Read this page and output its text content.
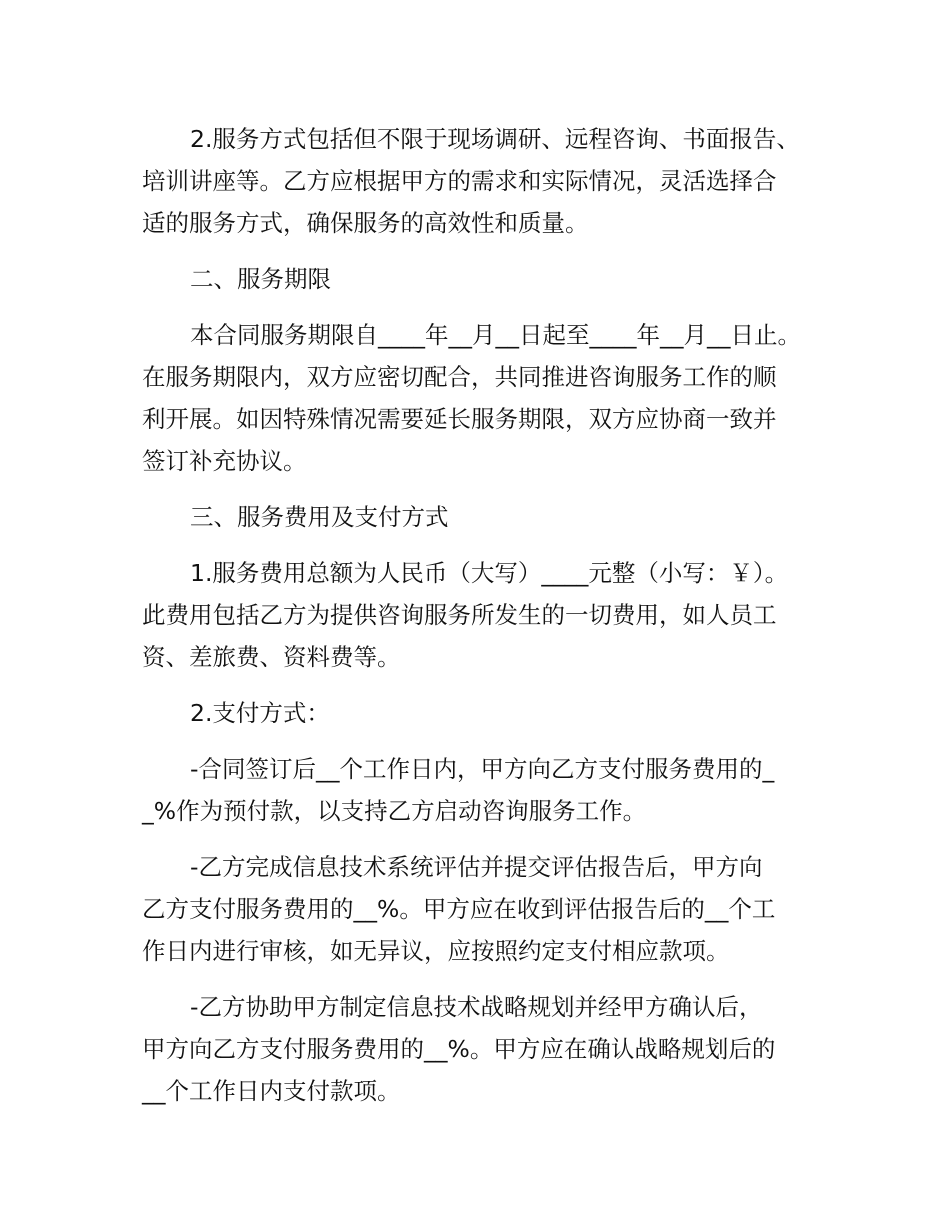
2.服务方式包括但不限于现场调研、远程咨询、书面报告、
培训讲座等。乙方应根据甲方的需求和实际情况，灵活选择合
适的服务方式，确保服务的高效性和质量。
二、服务期限
本合同服务期限自____年__月__日起至____年__月__日止。
在服务期限内，双方应密切配合，共同推进咨询服务工作的顺
利开展。如因特殊情况需要延长服务期限，双方应协商一致并
签订补充协议。
三、服务费用及支付方式
1.服务费用总额为人民币（大写）____元整（小写：￥）。
此费用包括乙方为提供咨询服务所发生的一切费用，如人员工
资、差旅费、资料费等。
2.支付方式：
-合同签订后__个工作日内，甲方向乙方支付服务费用的_
_%作为预付款，以支持乙方启动咨询服务工作。
-乙方完成信息技术系统评估并提交评估报告后，甲方向
乙方支付服务费用的__%。甲方应在收到评估报告后的__个工
作日内进行审核，如无异议，应按照约定支付相应款项。
-乙方协助甲方制定信息技术战略规划并经甲方确认后，
甲方向乙方支付服务费用的__%。甲方应在确认战略规划后的
__个工作日内支付款项。
